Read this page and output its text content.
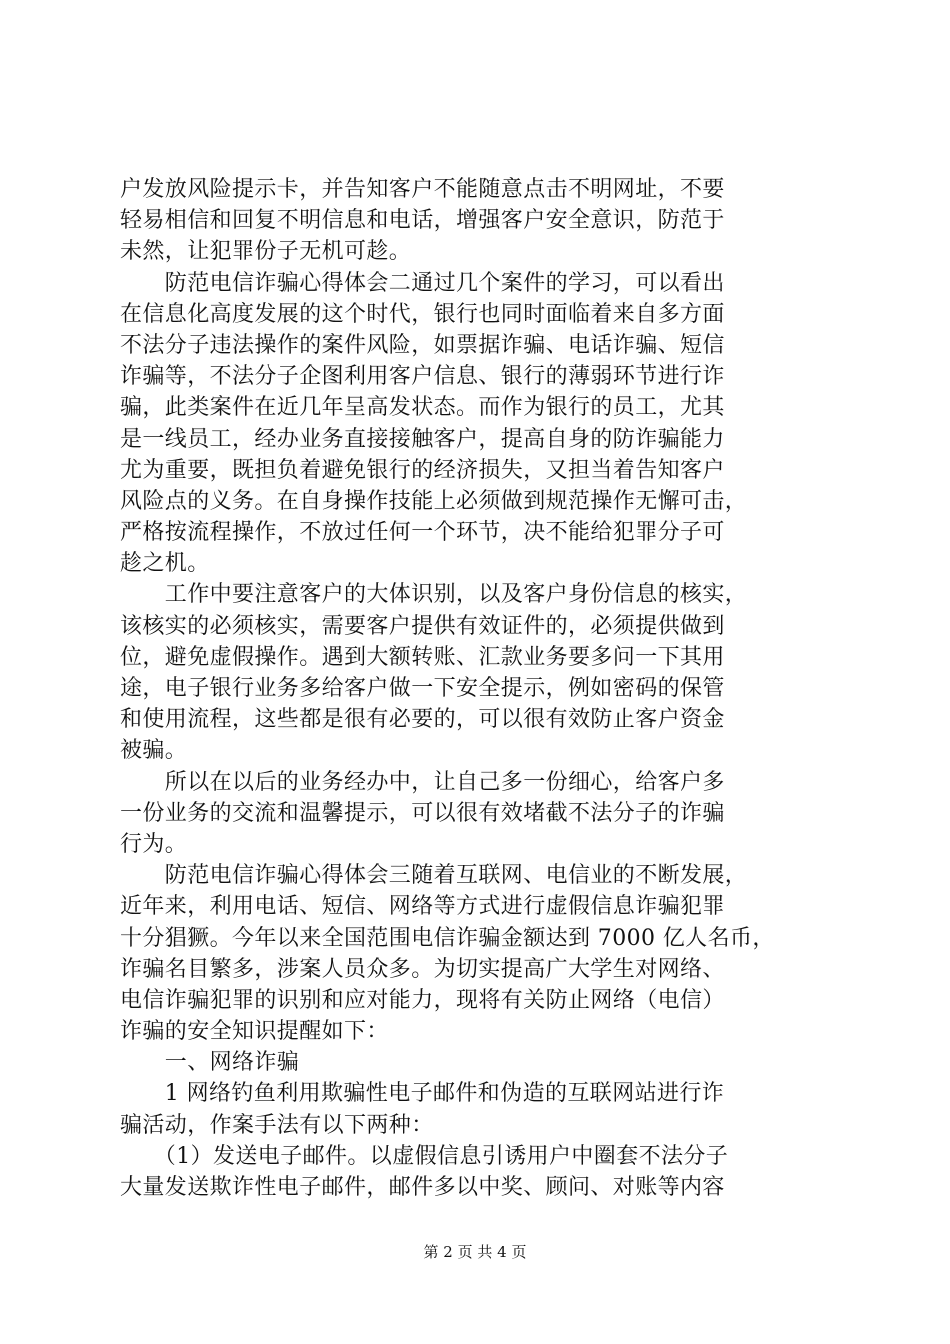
户发放风险提示卡，并告知客户不能随意点击不明网址，不要
轻易相信和回复不明信息和电话，增强客户安全意识，防范于
未然，让犯罪份子无机可趁。
　　防范电信诈骗心得体会二通过几个案件的学习，可以看出
在信息化高度发展的这个时代，银行也同时面临着来自多方面
不法分子违法操作的案件风险，如票据诈骗、电话诈骗、短信
诈骗等，不法分子企图利用客户信息、银行的薄弱环节进行诈
骗，此类案件在近几年呈高发状态。而作为银行的员工，尤其
是一线员工，经办业务直接接触客户，提高自身的防诈骗能力
尤为重要，既担负着避免银行的经济损失，又担当着告知客户
风险点的义务。在自身操作技能上必须做到规范操作无懈可击，
严格按流程操作，不放过任何一个环节，决不能给犯罪分子可
趁之机。
　　工作中要注意客户的大体识别，以及客户身份信息的核实，
该核实的必须核实，需要客户提供有效证件的，必须提供做到
位，避免虚假操作。遇到大额转账、汇款业务要多问一下其用
途，电子银行业务多给客户做一下安全提示，例如密码的保管
和使用流程，这些都是很有必要的，可以很有效防止客户资金
被骗。
　　所以在以后的业务经办中，让自己多一份细心，给客户多
一份业务的交流和温馨提示，可以很有效堵截不法分子的诈骗
行为。
　　防范电信诈骗心得体会三随着互联网、电信业的不断发展，
近年来，利用电话、短信、网络等方式进行虚假信息诈骗犯罪
十分猖獗。今年以来全国范围电信诈骗金额达到 7000 亿人名币，
诈骗名目繁多，涉案人员众多。为切实提高广大学生对网络、
电信诈骗犯罪的识别和应对能力，现将有关防止网络（电信）
诈骗的安全知识提醒如下：
　　一、网络诈骗
　　1 网络钓鱼利用欺骗性电子邮件和伪造的互联网站进行诈
骗活动，作案手法有以下两种：
　　（1）发送电子邮件。以虚假信息引诱用户中圈套不法分子
大量发送欺诈性电子邮件，邮件多以中奖、顾问、对账等内容
第 2 页 共 4 页
